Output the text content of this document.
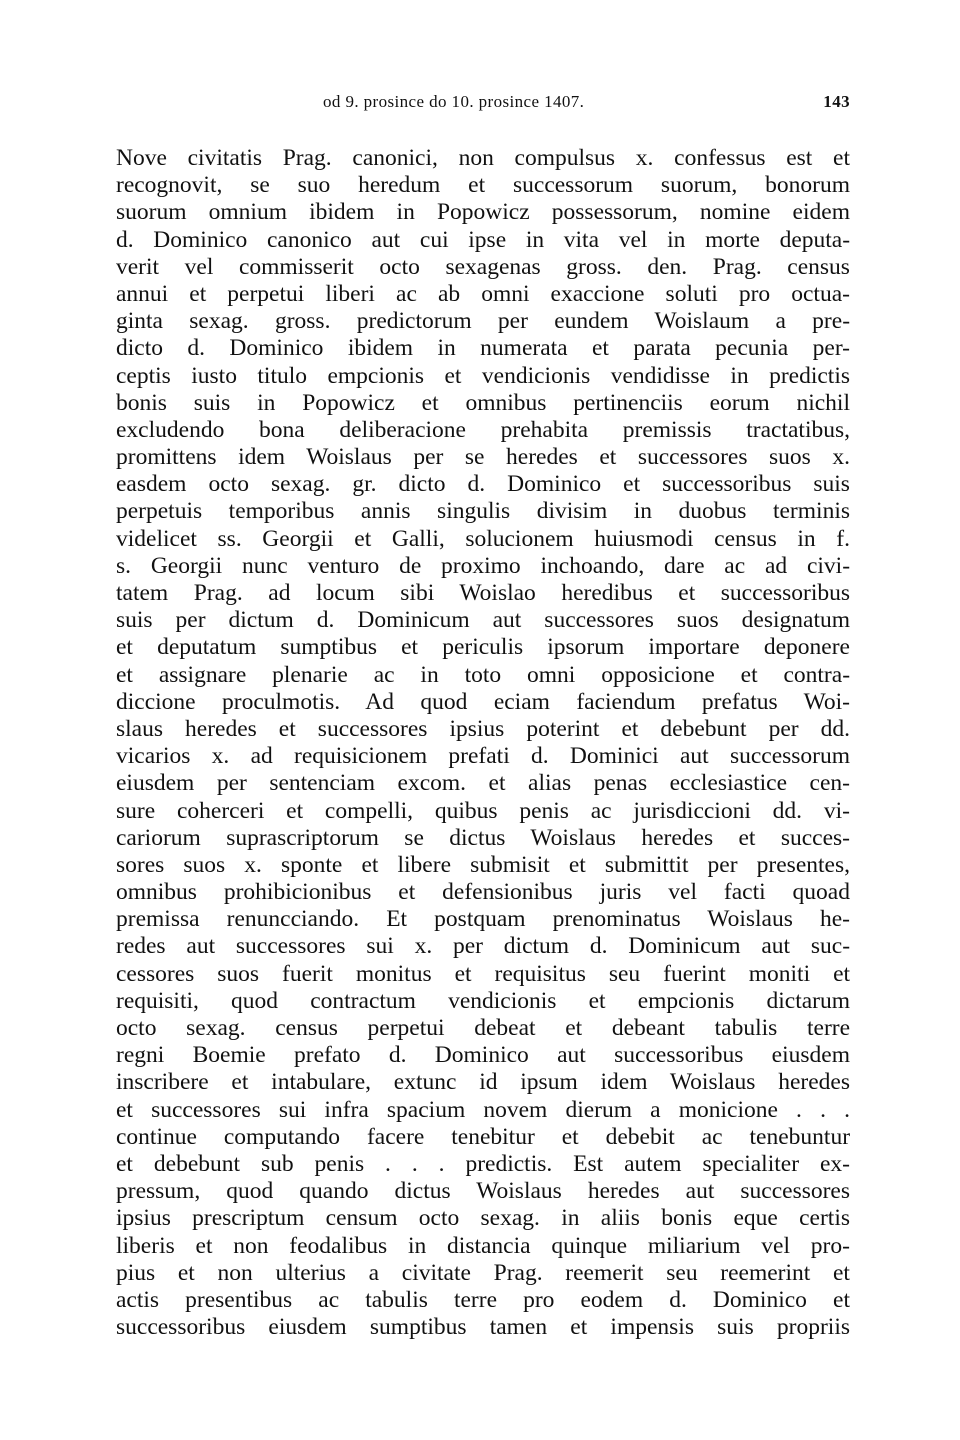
od 9. prosince do 10. prosince 1407.	143
Nove civitatis Prag. canonici, non compulsus x. confessus est et
recognovit, se suo heredum et successorum suorum, bonorum
suorum omnium ibidem in Popowicz possessorum, nomine eidem
d. Dominico canonico aut cui ipse in vita vel in morte deputa-
verit vel commisserit octo sexagenas gross. den. Prag. census
annui et perpetui liberi ac ab omni exaccione soluti pro octua-
ginta sexag. gross. predictorum per eundem Woislaum a pre-
dicto d. Dominico ibidem in numerata et parata pecunia per-
ceptis iusto titulo empcionis et vendicionis vendidisse in predictis
bonis suis in Popowicz et omnibus pertinenciis eorum nichil
excludendo bona deliberacione prehabita premissis tractatibus,
promittens idem Woislaus per se heredes et successores suos x.
easdem octo sexag. gr. dicto d. Dominico et successoribus suis
perpetuis temporibus annis singulis divisim in duobus terminis
videlicet ss. Georgii et Galli, solucionem huiusmodi census in f.
s. Georgii nunc venturo de proximo inchoando, dare ac ad civi-
tatem Prag. ad locum sibi Woislao heredibus et successoribus
suis per dictum d. Dominicum aut successores suos designatum
et deputatum sumptibus et periculis ipsorum importare deponere
et assignare plenarie ac in toto omni opposicione et contra-
diccione proculmotis. Ad quod eciam faciendum prefatus Woi-
slaus heredes et successores ipsius poterint et debebunt per dd.
vicarios x. ad requisicionem prefati d. Dominici aut successorum
eiusdem per sentenciam excom. et alias penas ecclesiastice cen-
sure coherceri et compelli, quibus penis ac jurisdiccioni dd. vi-
cariorum suprascriptorum se dictus Woislaus heredes et succes-
sores suos x. sponte et libere submisit et submittit per presentes,
omnibus prohibicionibus et defensionibus juris vel facti quoad
premissa renuncciando. Et postquam prenominatus Woislaus he-
redes aut successores sui x. per dictum d. Dominicum aut suc-
cessores suos fuerit monitus et requisitus seu fuerint moniti et
requisiti, quod contractum vendicionis et empcionis dictarum
octo sexag. census perpetui debeat et debeant tabulis terre
regni Boemie prefato d. Dominico aut successoribus eiusdem
inscribere et intabulare, extunc id ipsum idem Woislaus heredes
et successores sui infra spacium novem dierum a monicione . . .
continue computando facere tenebitur et debebit ac tenebuntur
et debebunt sub penis . . . predictis. Est autem specialiter ex-
pressum, quod quando dictus Woislaus heredes aut successores
ipsius prescriptum censum octo sexag. in aliis bonis eque certis
liberis et non feodalibus in distancia quinque miliarium vel pro-
pius et non ulterius a civitate Prag. reemerit seu reemerint et
actis presentibus ac tabulis terre pro eodem d. Dominico et
successoribus eiusdem sumptibus tamen et impensis suis propriis
